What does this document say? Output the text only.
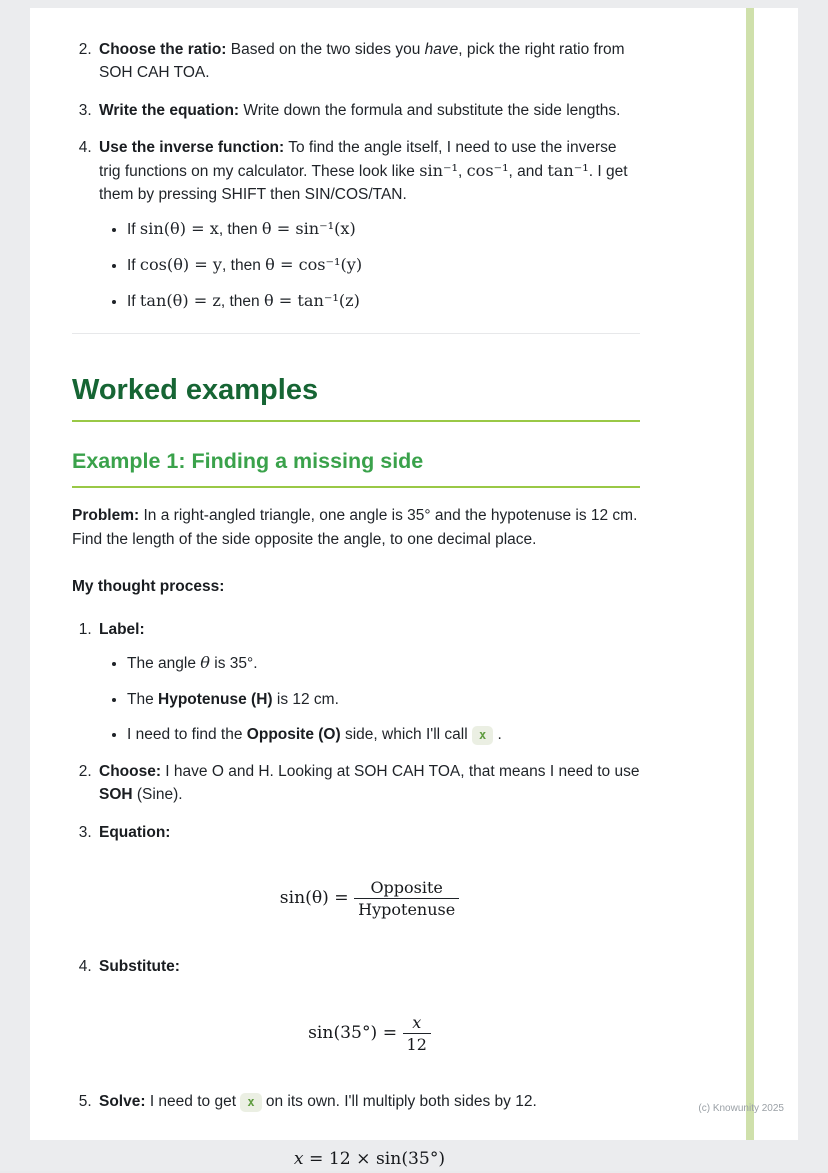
(c) Knowunity 2025
2. Choose the ratio: Based on the two sides you have, pick the right ratio from SOH CAH TOA.
3. Write the equation: Write down the formula and substitute the side lengths.
4. Use the inverse function: To find the angle itself, I need to use the inverse trig functions on my calculator. These look like sin⁻¹, cos⁻¹, and tan⁻¹. I get them by pressing SHIFT then SIN/COS/TAN.
• If sin(θ) = x, then θ = sin⁻¹(x)
• If cos(θ) = y, then θ = cos⁻¹(y)
• If tan(θ) = z, then θ = tan⁻¹(z)
Worked examples
Example 1: Finding a missing side

Problem: In a right-angled triangle, one angle is 35° and the hypotenuse is 12 cm. Find the length of the side opposite the angle, to one decimal place.

My thought process:

1. Label:
• The angle θ is 35°.
• The Hypotenuse (H) is 12 cm.
• I need to find the Opposite (O) side, which I'll call x .
2. Choose: I have O and H. Looking at SOH CAH TOA, that means I need to use SOH (Sine).
3. Equation:
$\sin(\theta) = \frac{\text{Opposite}}{\text{Hypotenuse}}$
4. Substitute:
$\sin(35^\circ) = \frac{x}{12}$
5. Solve: I need to get x on its own. I'll multiply both sides by 12.
x = 12 × sin(35°)
